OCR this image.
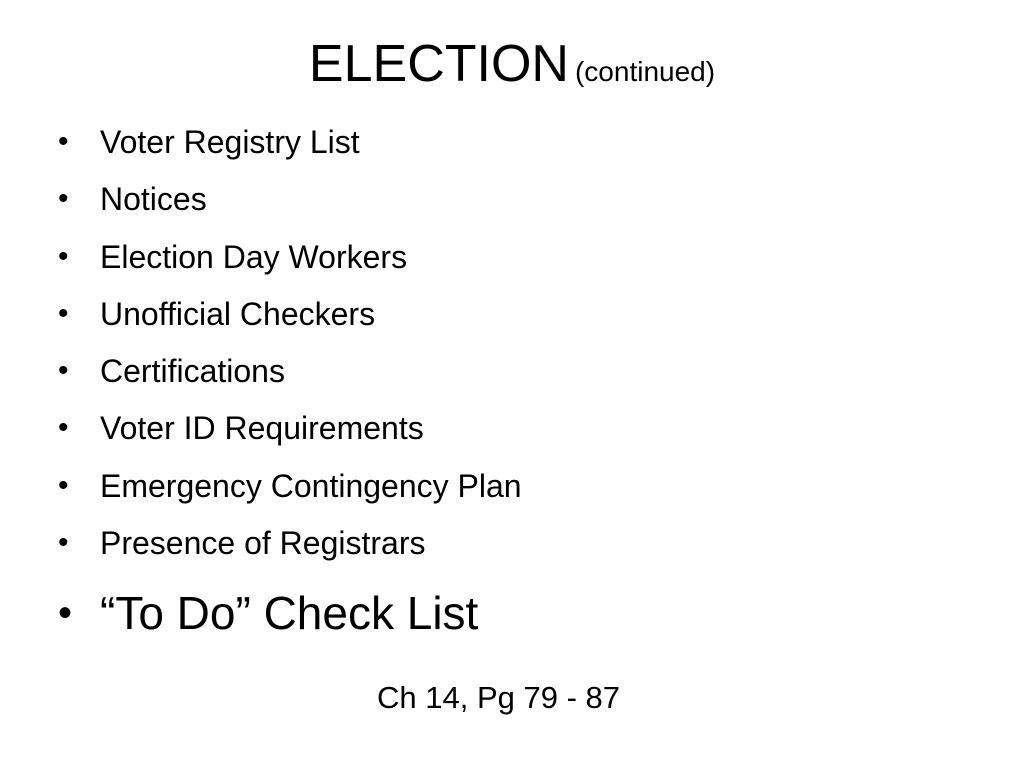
ELECTION (continued)
• Voter Registry List
• Notices
• Election Day Workers
• Unofficial Checkers
• Certifications
• Voter ID Requirements
• Emergency Contingency Plan
• Presence of Registrars
• “To Do” Check List
Ch 14, Pg 79 - 87
